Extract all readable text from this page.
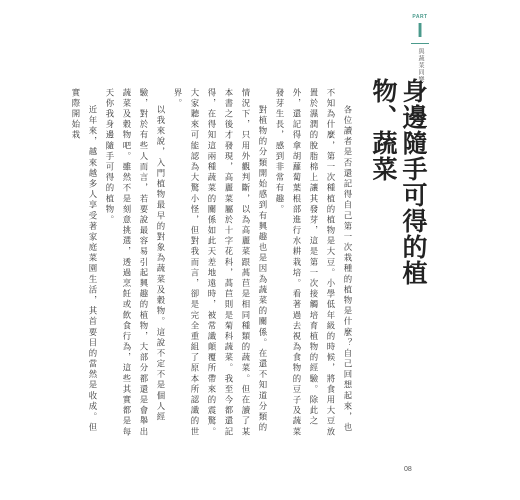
PART
I
與蔬菜同樂
身邊隨手可得的植物、蔬菜

各位讀者是否還記得自己第一次栽種的植物是什麼？自己回想起來，也不知為什麼，第一次種植的植物是大豆。小學低年級的時候，將食用大豆放置於濕潤的脫脂棉上讓其發芽，這是第一次接觸培育植物的經驗。除此之外，還記得拿胡蘿蔔葉根部進行水耕栽培。看著過去視為食物的豆子及蔬菜發芽生長，感到非常有趣。

對植物的分類開始感到有興趣也是因為蔬菜的關係。在還不知道分類的情況下，只用外觀判斷，以為高麗菜跟萵苣是相同種類的蔬菜。但在讀了某本書之後才發現，高麗菜屬於十字花科，萵苣則是菊科蔬菜。我至今都還記得，在得知這兩種蔬菜的關係如此天差地遠時，被常識顛覆所帶來的震驚。大家聽來可能認為大驚小怪，但對我而言，卻是完全重組了原本所認識的世界。

以我來說，入門植物最早的對象為蔬菜及穀物。這說不定不是個人經驗，對於有些人而言，若要說最容易引起興趣的植物，大部分都還是會舉出蔬菜及穀物吧。雖然不是刻意挑選，透過烹飪或飲食行為，這些其實都是每天你我身邊隨手可得的植物。

近年來，越來越多人享受著家庭菜園生活，其首要目的當然是收成。但實際開始栽

08
